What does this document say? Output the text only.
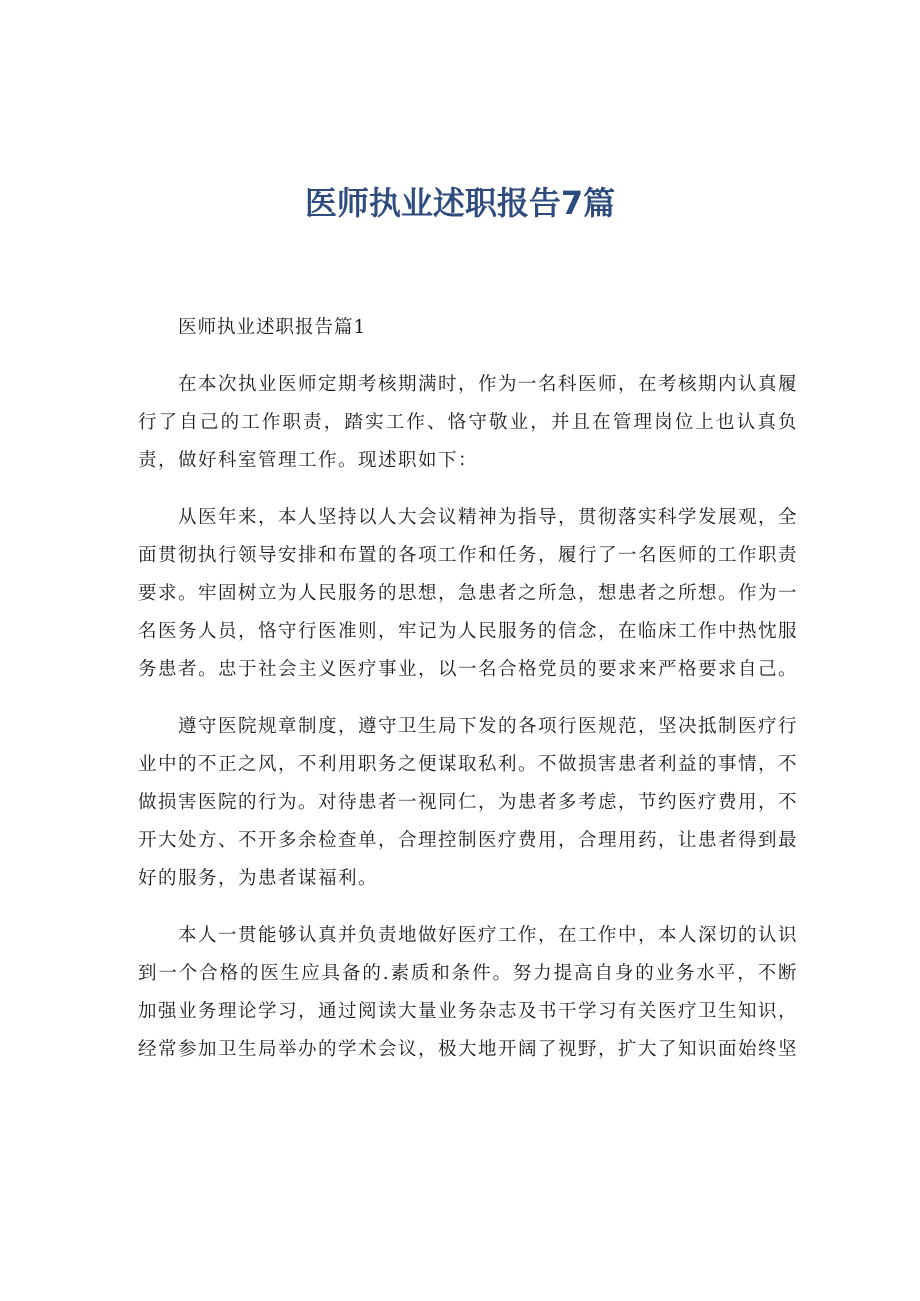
医师执业述职报告7篇

医师执业述职报告篇1

在本次执业医师定期考核期满时，作为一名科医师，在考核期内认真履行了自己的工作职责，踏实工作、恪守敬业，并且在管理岗位上也认真负责，做好科室管理工作。现述职如下：

从医年来，本人坚持以人大会议精神为指导，贯彻落实科学发展观，全面贯彻执行领导安排和布置的各项工作和任务，履行了一名医师的工作职责要求。牢固树立为人民服务的思想，急患者之所急，想患者之所想。作为一名医务人员，恪守行医准则，牢记为人民服务的信念，在临床工作中热忱服务患者。忠于社会主义医疗事业，以一名合格党员的要求来严格要求自己。

遵守医院规章制度，遵守卫生局下发的各项行医规范，坚决抵制医疗行业中的不正之风，不利用职务之便谋取私利。不做损害患者利益的事情，不做损害医院的行为。对待患者一视同仁，为患者多考虑，节约医疗费用，不开大处方、不开多余检查单，合理控制医疗费用，合理用药，让患者得到最好的服务，为患者谋福利。

本人一贯能够认真并负责地做好医疗工作，在工作中，本人深切的认识到一个合格的医生应具备的.素质和条件。努力提高自身的业务水平，不断加强业务理论学习，通过阅读大量业务杂志及书干学习有关医疗卫生知识，经常参加卫生局举办的学术会议，极大地开阔了视野，扩大了知识面始终坚
